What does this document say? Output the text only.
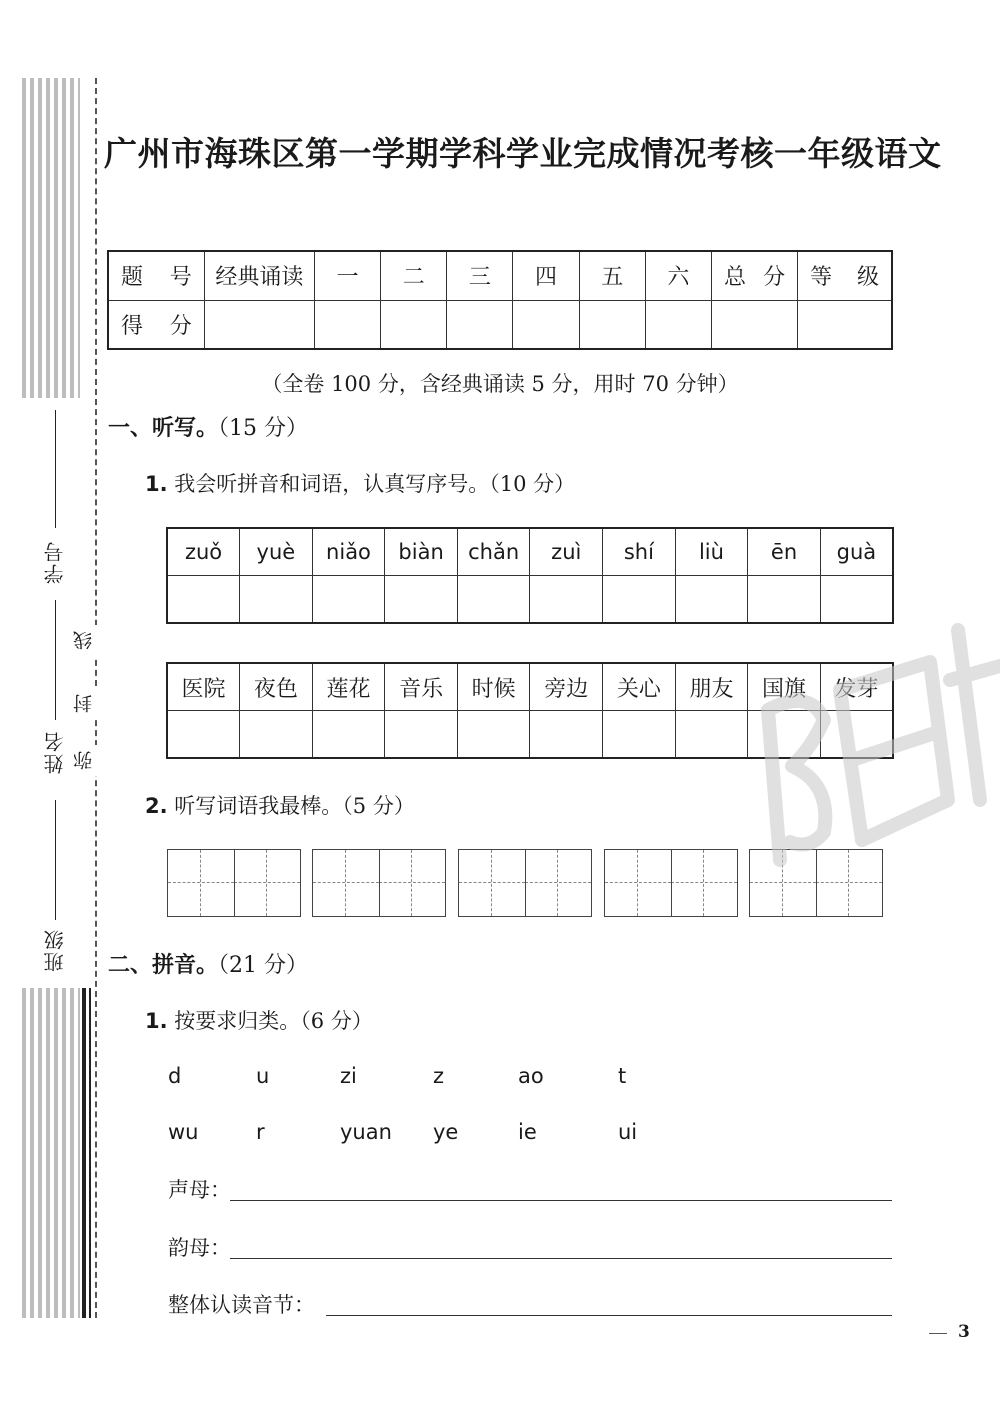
学号
姓名
班级
线
封
弥
广州市海珠区第一学期学科学业完成情况考核一年级语文
题号	经典诵读	一	二	三	四	五	六	总分	等级
得分									
（全卷 100 分，含经典诵读 5 分，用时 70 分钟）
一、听写。（15 分）
1. 我会听拼音和词语，认真写序号。（10 分）
zuǒ	yuè	niǎo	biàn	chǎn	zuì	shí	liù	ēn	guà

医院	夜色	莲花	音乐	时候	旁边	关心	朋友	国旗	发芽

2. 听写词语我最棒。（5 分）
二、拼音。（21 分）
1. 按要求归类。（6 分）
d	u	zi	z	ao	t
wu	r	yuan ye	ie	ui
声母：
韵母：
整体认读音节：
3
